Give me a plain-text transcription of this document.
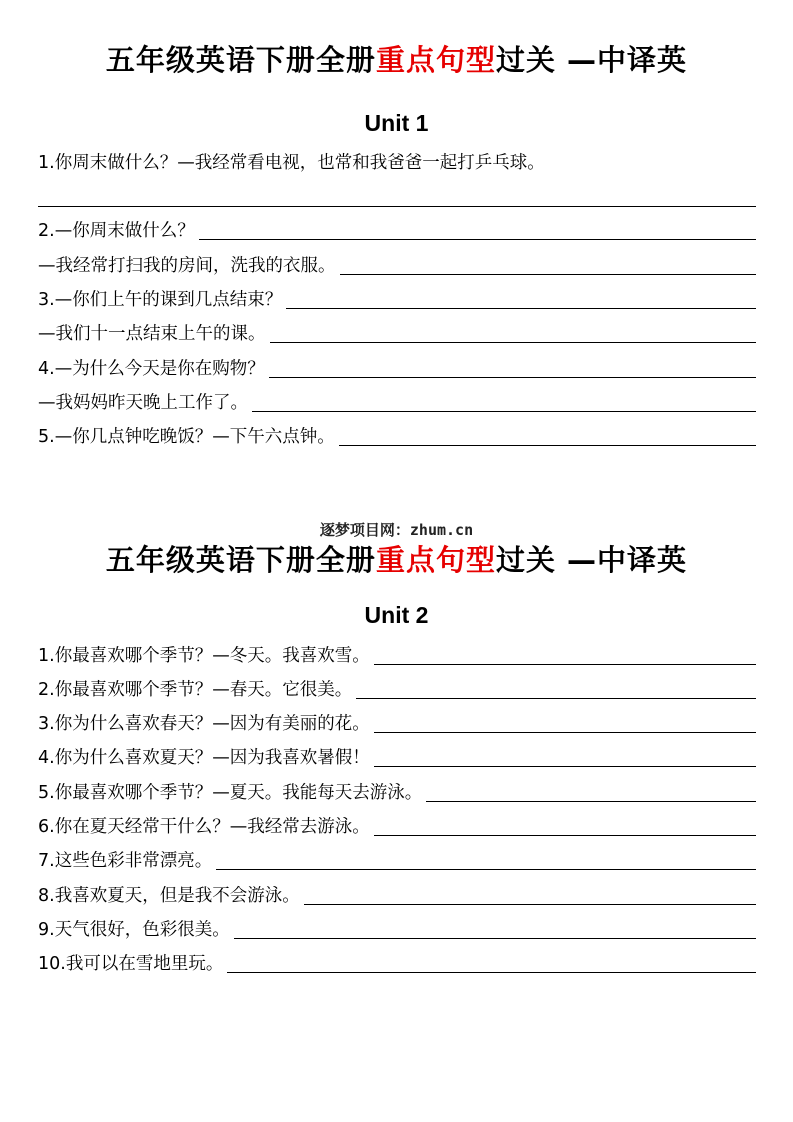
五年级英语下册全册重点句型过关 —中译英
Unit 1
1.你周末做什么？—我经常看电视，也常和我爸爸一起打乒乓球。
2.—你周末做什么？
—我经常打扫我的房间，洗我的衣服。
3.—你们上午的课到几点结束？
—我们十一点结束上午的课。
4.—为什么今天是你在购物？
—我妈妈昨天晚上工作了。
5.—你几点钟吃晚饭？—下午六点钟。
逐梦项目网：zhum.cn
五年级英语下册全册重点句型过关 —中译英
Unit 2
1.你最喜欢哪个季节？—冬天。我喜欢雪。
2.你最喜欢哪个季节？—春天。它很美。
3.你为什么喜欢春天？—因为有美丽的花。
4.你为什么喜欢夏天？—因为我喜欢暑假！
5.你最喜欢哪个季节？—夏天。我能每天去游泳。
6.你在夏天经常干什么？—我经常去游泳。
7.这些色彩非常漂亮。
8.我喜欢夏天，但是我不会游泳。
9.天气很好，色彩很美。
10.我可以在雪地里玩。
